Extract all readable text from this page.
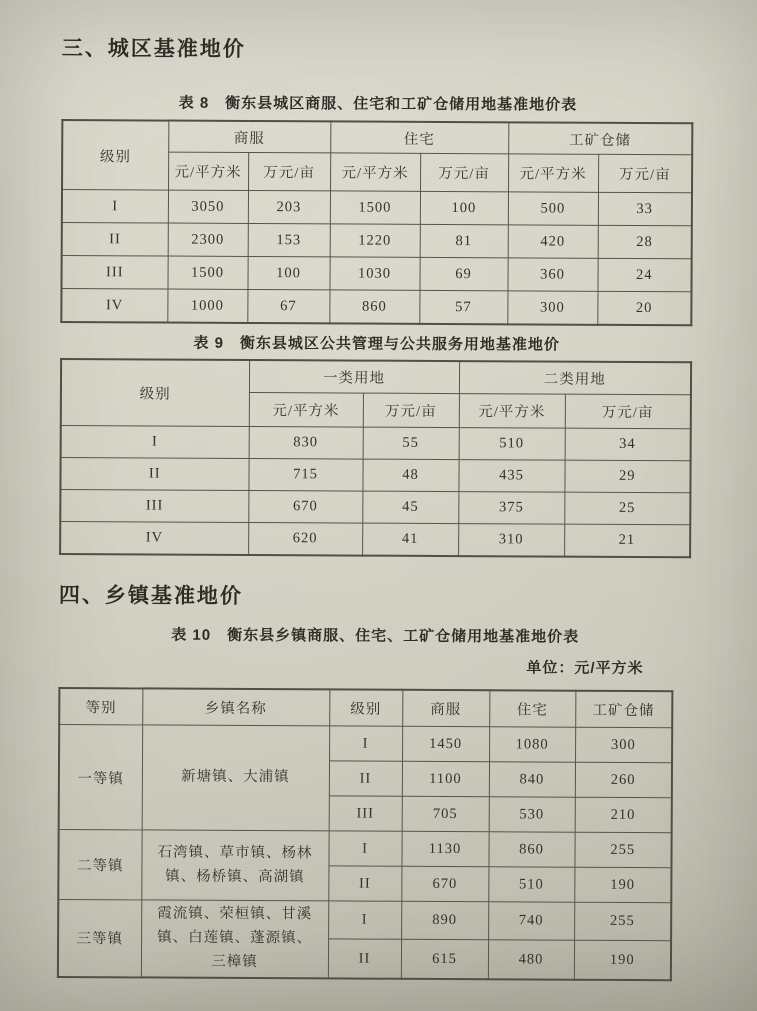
三、城区基准地价
表 8　衡东县城区商服、住宅和工矿仓储用地基准地价表
级别	商服		住宅		工矿仓储	
	元/平方米	万元/亩	元/平方米	万元/亩	元/平方米	万元/亩
I	3050	203	1500	100	500	33
II	2300	153	1220	81	420	28
III	1500	100	1030	69	360	24
IV	1000	67	860	57	300	20
表 9　衡东县城区公共管理与公共服务用地基准地价
级别	一类用地		二类用地	
	元/平方米	万元/亩	元/平方米	万元/亩
I	830	55	510	34
II	715	48	435	29
III	670	45	375	25
IV	620	41	310	21
四、乡镇基准地价
表 10　衡东县乡镇商服、住宅、工矿仓储用地基准地价表
单位：元/平方米
等别	乡镇名称	级别	商服	住宅	工矿仓储
一等镇	新塘镇、大浦镇	I	1450	1080	300
		II	1100	840	260
		III	705	530	210
二等镇	石湾镇、草市镇、杨林镇、杨桥镇、高湖镇	I	1130	860	255
		II	670	510	190
三等镇	霞流镇、荣桓镇、甘溪镇、白莲镇、蓬源镇、三樟镇	I	890	740	255
		II	615	480	190
